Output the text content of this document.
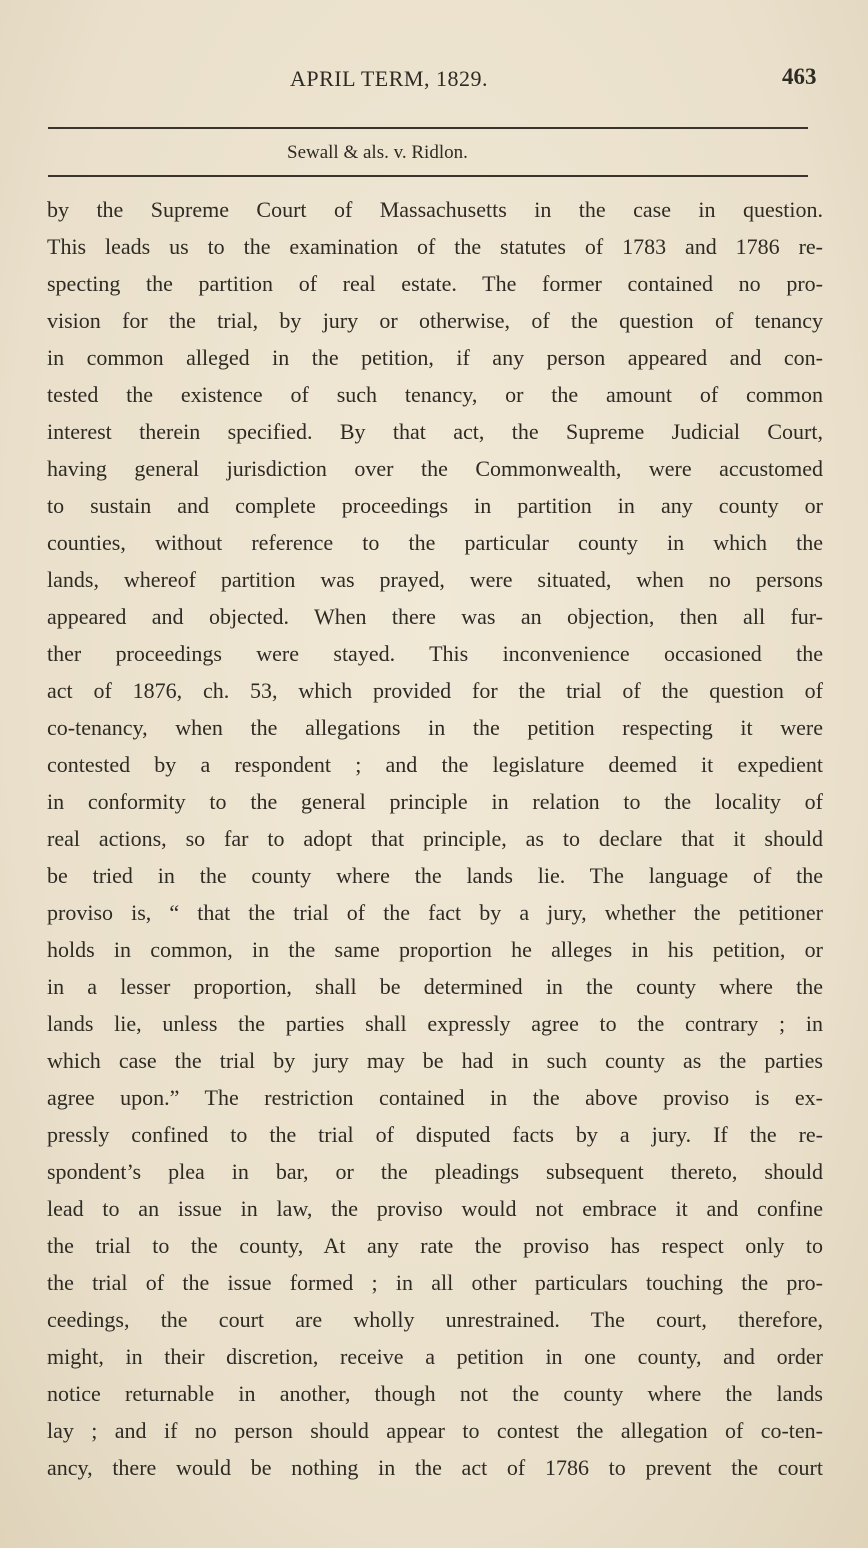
APRIL TERM, 1829.	463
Sewall & als. v. Ridlon.
by the Supreme Court of Massachusetts in the case in question.
This leads us to the examination of the statutes of 1783 and 1786 re-
specting the partition of real estate. The former contained no pro-
vision for the trial, by jury or otherwise, of the question of tenancy
in common alleged in the petition, if any person appeared and con-
tested the existence of such tenancy, or the amount of common
interest therein specified. By that act, the Supreme Judicial Court,
having general jurisdiction over the Commonwealth, were accustomed
to sustain and complete proceedings in partition in any county or
counties, without reference to the particular county in which the
lands, whereof partition was prayed, were situated, when no persons
appeared and objected. When there was an objection, then all fur-
ther proceedings were stayed. This inconvenience occasioned the
act of 1876, ch. 53, which provided for the trial of the question of
co-tenancy, when the allegations in the petition respecting it were
contested by a respondent ; and the legislature deemed it expedient
in conformity to the general principle in relation to the locality of
real actions, so far to adopt that principle, as to declare that it should
be tried in the county where the lands lie. The language of the
proviso is, “ that the trial of the fact by a jury, whether the petitioner
holds in common, in the same proportion he alleges in his petition, or
in a lesser proportion, shall be determined in the county where the
lands lie, unless the parties shall expressly agree to the contrary ; in
which case the trial by jury may be had in such county as the parties
agree upon.” The restriction contained in the above proviso is ex-
pressly confined to the trial of disputed facts by a jury. If the re-
spondent’s plea in bar, or the pleadings subsequent thereto, should
lead to an issue in law, the proviso would not embrace it and confine
the trial to the county, At any rate the proviso has respect only to
the trial of the issue formed ; in all other particulars touching the pro-
ceedings, the court are wholly unrestrained. The court, therefore,
might, in their discretion, receive a petition in one county, and order
notice returnable in another, though not the county where the lands
lay ; and if no person should appear to contest the allegation of co-ten-
ancy, there would be nothing in the act of 1786 to prevent the court
